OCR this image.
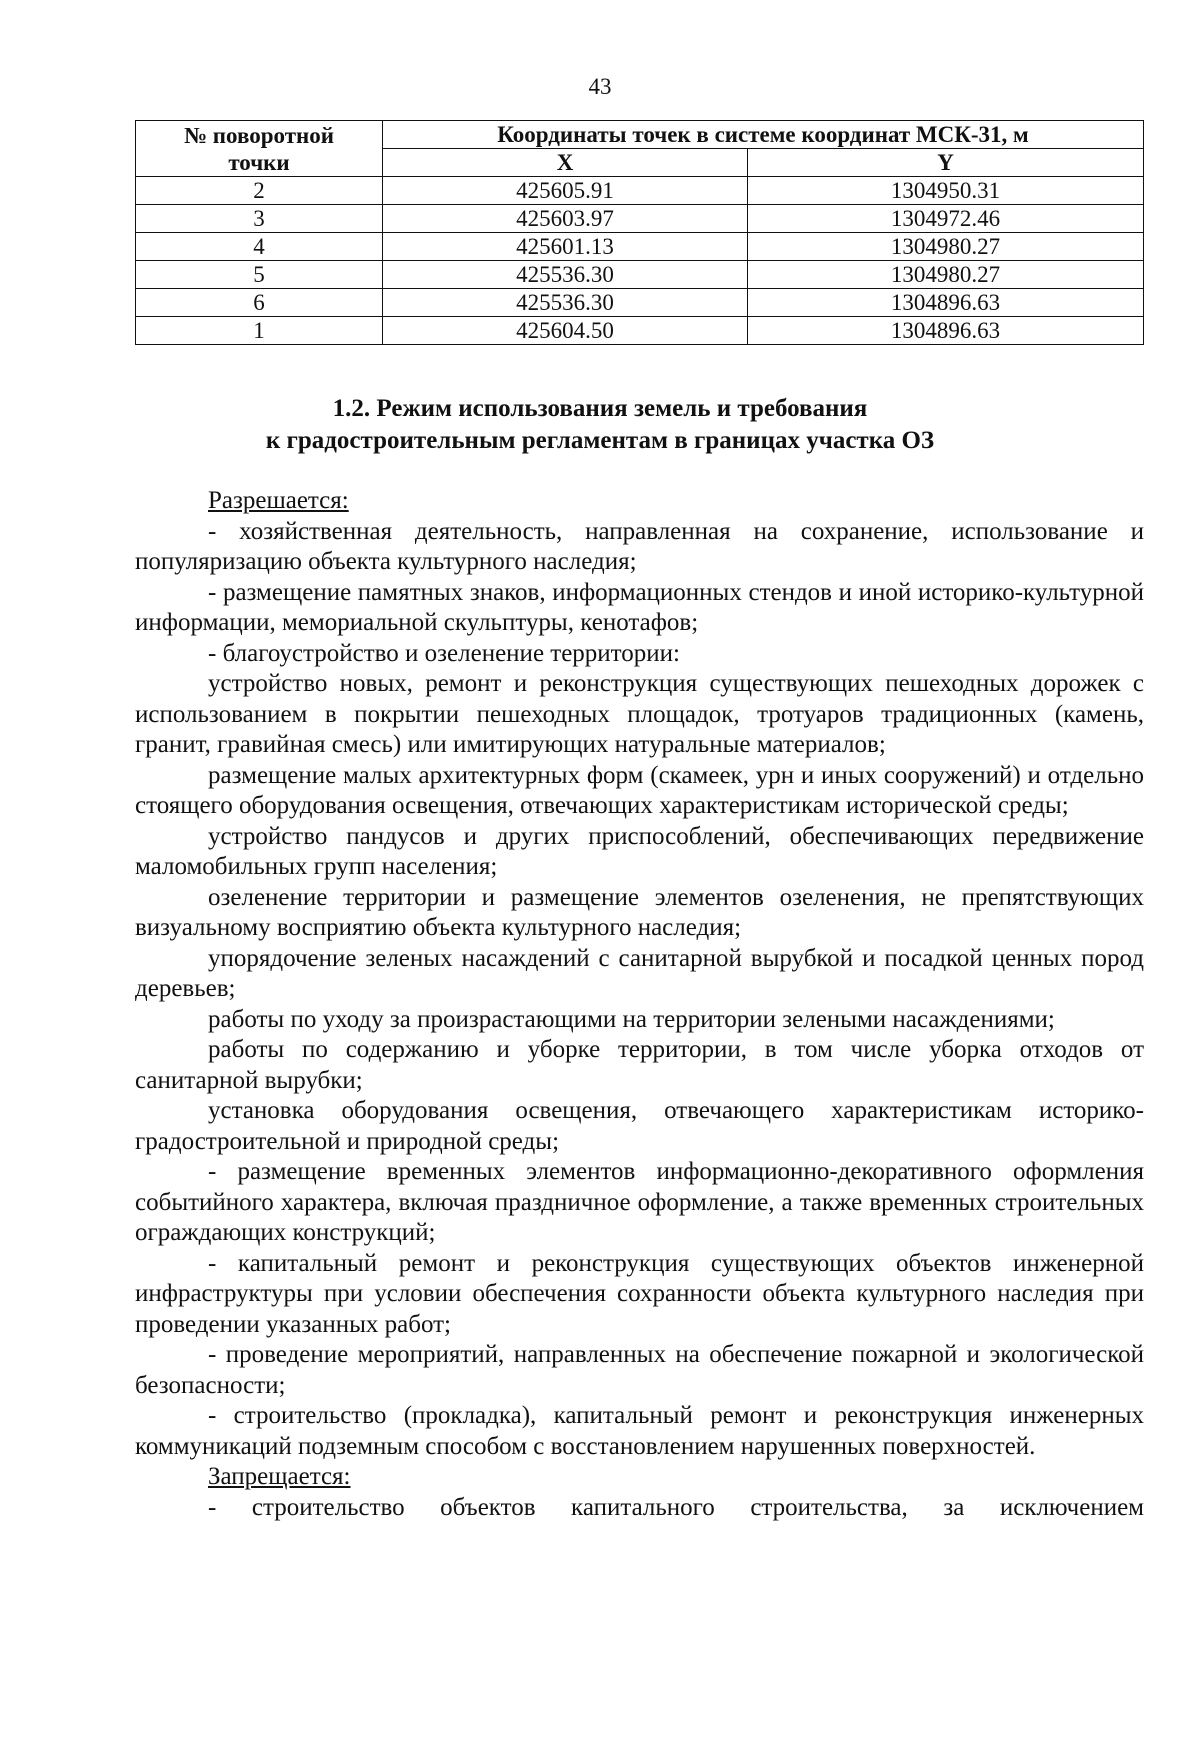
43
№ поворотной
точки	Координаты точек в системе координат МСК-31, м	
	X	Y
2	425605.91	1304950.31
3	425603.97	1304972.46
4	425601.13	1304980.27
5	425536.30	1304980.27
6	425536.30	1304896.63
1	425604.50	1304896.63
1.2. Режим использования земель и требования
к градостроительным регламентам в границах участка ОЗ

Разрешается:

- хозяйственная деятельность, направленная на сохранение, использование и популяризацию объекта культурного наследия;

- размещение памятных знаков, информационных стендов и иной историко-культурной информации, мемориальной скульптуры, кенотафов;

- благоустройство и озеленение территории:

устройство новых, ремонт и реконструкция существующих пешеходных дорожек с использованием в покрытии пешеходных площадок, тротуаров традиционных (камень, гранит, гравийная смесь) или имитирующих натуральные материалов;

размещение малых архитектурных форм (скамеек, урн и иных сооружений) и отдельно стоящего оборудования освещения, отвечающих характеристикам исторической среды;

устройство пандусов и других приспособлений, обеспечивающих передвижение маломобильных групп населения;

озеленение территории и размещение элементов озеленения, не препятствующих визуальному восприятию объекта культурного наследия;

упорядочение зеленых насаждений с санитарной вырубкой и посадкой ценных пород деревьев;

работы по уходу за произрастающими на территории зелеными насаждениями;

работы по содержанию и уборке территории, в том числе уборка отходов от санитарной вырубки;

установка оборудования освещения, отвечающего характеристикам историко-градостроительной и природной среды;

- размещение временных элементов информационно-декоративного оформления событийного характера, включая праздничное оформление, а также временных строительных ограждающих конструкций;

- капитальный ремонт и реконструкция существующих объектов инженерной инфраструктуры при условии обеспечения сохранности объекта культурного наследия при проведении указанных работ;

- проведение мероприятий, направленных на обеспечение пожарной и экологической безопасности;

- строительство (прокладка), капитальный ремонт и реконструкция инженерных коммуникаций подземным способом с восстановлением нарушенных поверхностей.

Запрещается:

- строительство объектов капитального строительства, за исключением
